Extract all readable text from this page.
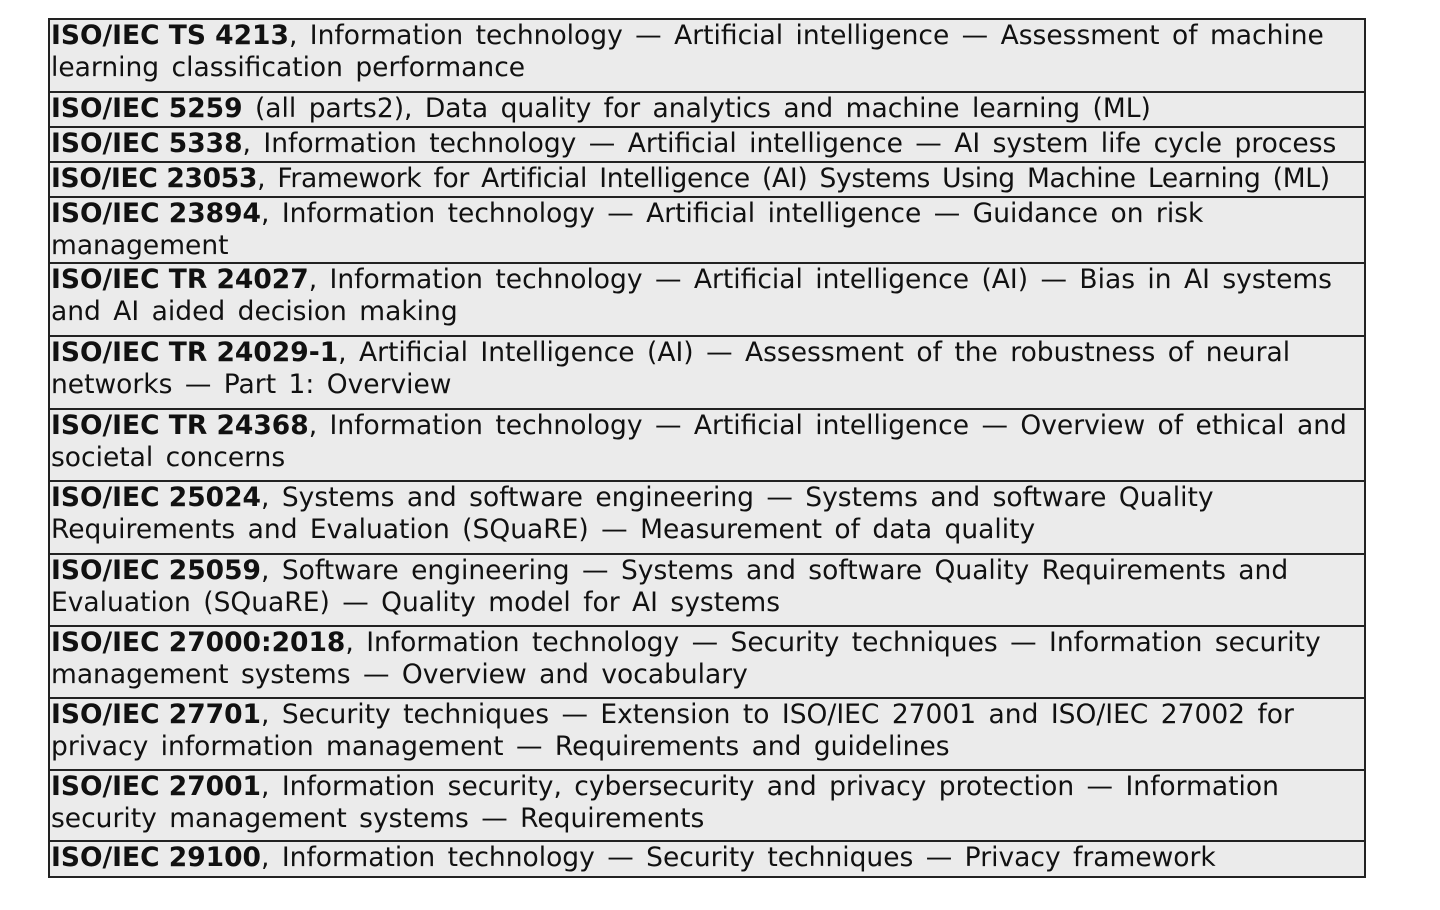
ISO/IEC TS 4213, Information technology — Artificial intelligence — Assessment of machine learning classification performance
ISO/IEC 5259 (all parts2), Data quality for analytics and machine learning (ML)
ISO/IEC 5338, Information technology — Artificial intelligence — AI system life cycle process
ISO/IEC 23053, Framework for Artificial Intelligence (AI) Systems Using Machine Learning (ML)
ISO/IEC 23894, Information technology — Artificial intelligence — Guidance on risk management
ISO/IEC TR 24027, Information technology — Artificial intelligence (AI) — Bias in AI systems and AI aided decision making
ISO/IEC TR 24029-1, Artificial Intelligence (AI) — Assessment of the robustness of neural networks — Part 1: Overview
ISO/IEC TR 24368, Information technology — Artificial intelligence — Overview of ethical and societal concerns
ISO/IEC 25024, Systems and software engineering — Systems and software Quality Requirements and Evaluation (SQuaRE) — Measurement of data quality
ISO/IEC 25059, Software engineering — Systems and software Quality Requirements and Evaluation (SQuaRE) — Quality model for AI systems
ISO/IEC 27000:2018, Information technology — Security techniques — Information security management systems — Overview and vocabulary
ISO/IEC 27701, Security techniques — Extension to ISO/IEC 27001 and ISO/IEC 27002 for privacy information management — Requirements and guidelines
ISO/IEC 27001, Information security, cybersecurity and privacy protection — Information security management systems — Requirements
ISO/IEC 29100, Information technology — Security techniques — Privacy framework
